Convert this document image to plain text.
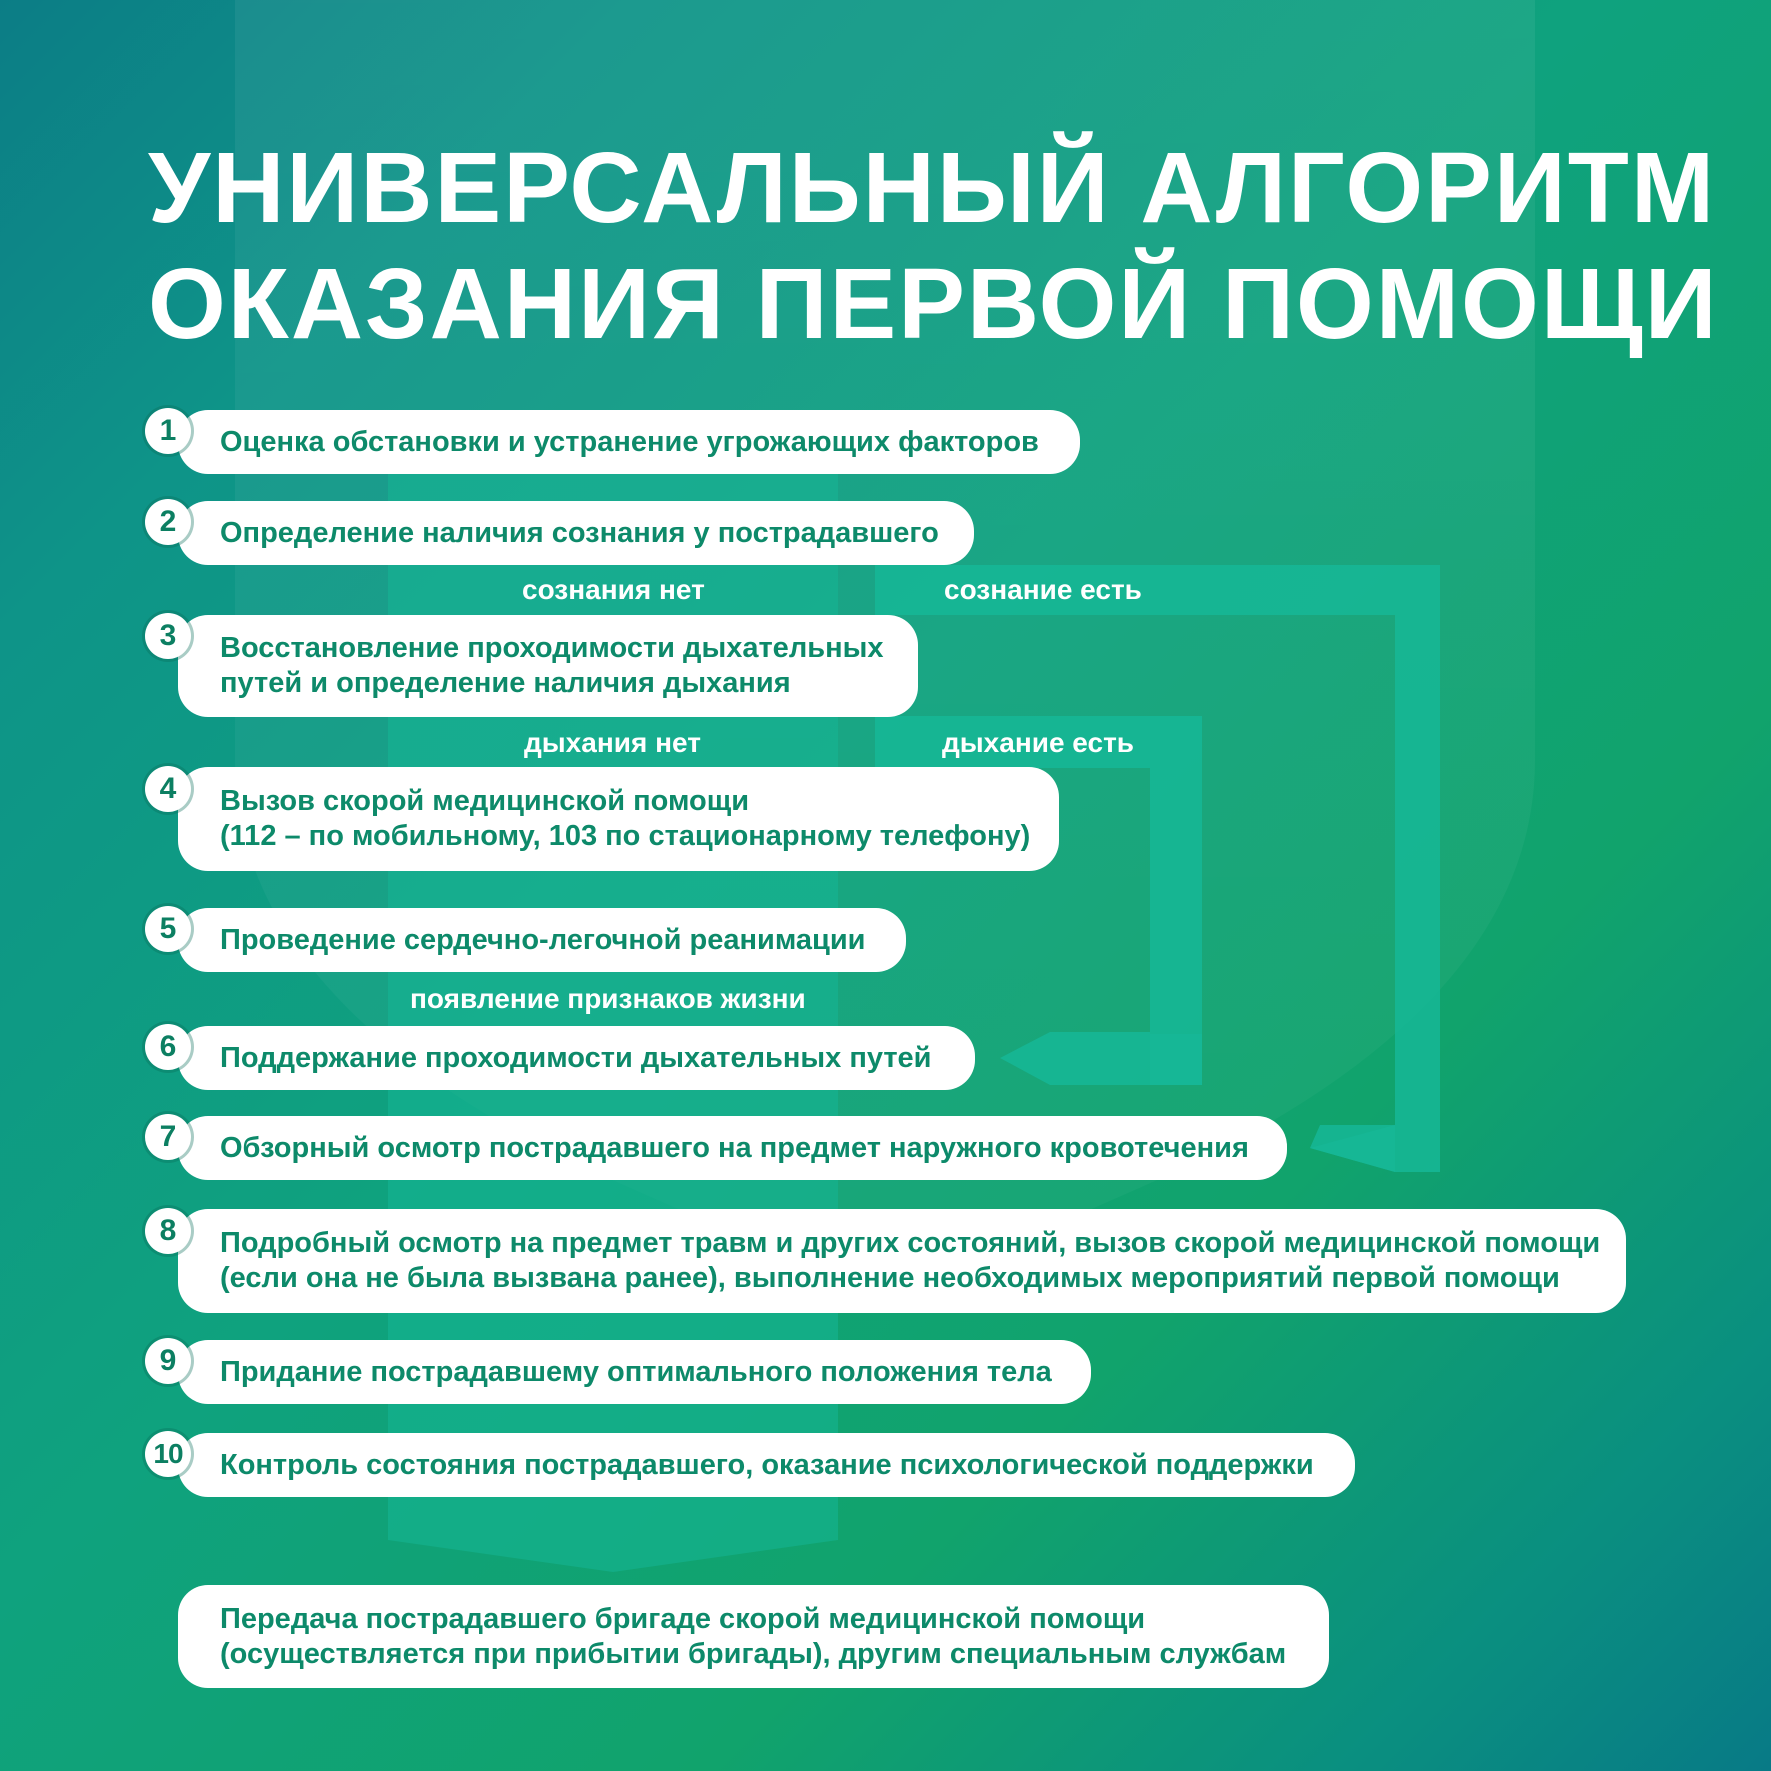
УНИВЕРСАЛЬНЫЙ АЛГОРИТМ
ОКАЗАНИЯ ПЕРВОЙ ПОМОЩИ
Оценка обстановки и устранение угрожающих факторов
1
Определение наличия сознания у пострадавшего
2
сознания нет	сознание есть
Восстановление проходимости дыхательных
путей и определение наличия дыхания
3
дыхания нет	дыхание есть
Вызов скорой медицинской помощи
(112 – по мобильному, 103 по стационарному телефону)
4
Проведение сердечно-легочной реанимации
5
появление признаков жизни
Поддержание проходимости дыхательных путей
6
Обзорный осмотр пострадавшего на предмет наружного кровотечения
7
Подробный осмотр на предмет травм и других состояний, вызов скорой медицинской помощи
(если она не была вызвана ранее), выполнение необходимых мероприятий первой помощи
8
Придание пострадавшему оптимального положения тела
9
Контроль состояния пострадавшего, оказание психологической поддержки
10
Передача пострадавшего бригаде скорой медицинской помощи
(осуществляется при прибытии бригады), другим специальным службам
